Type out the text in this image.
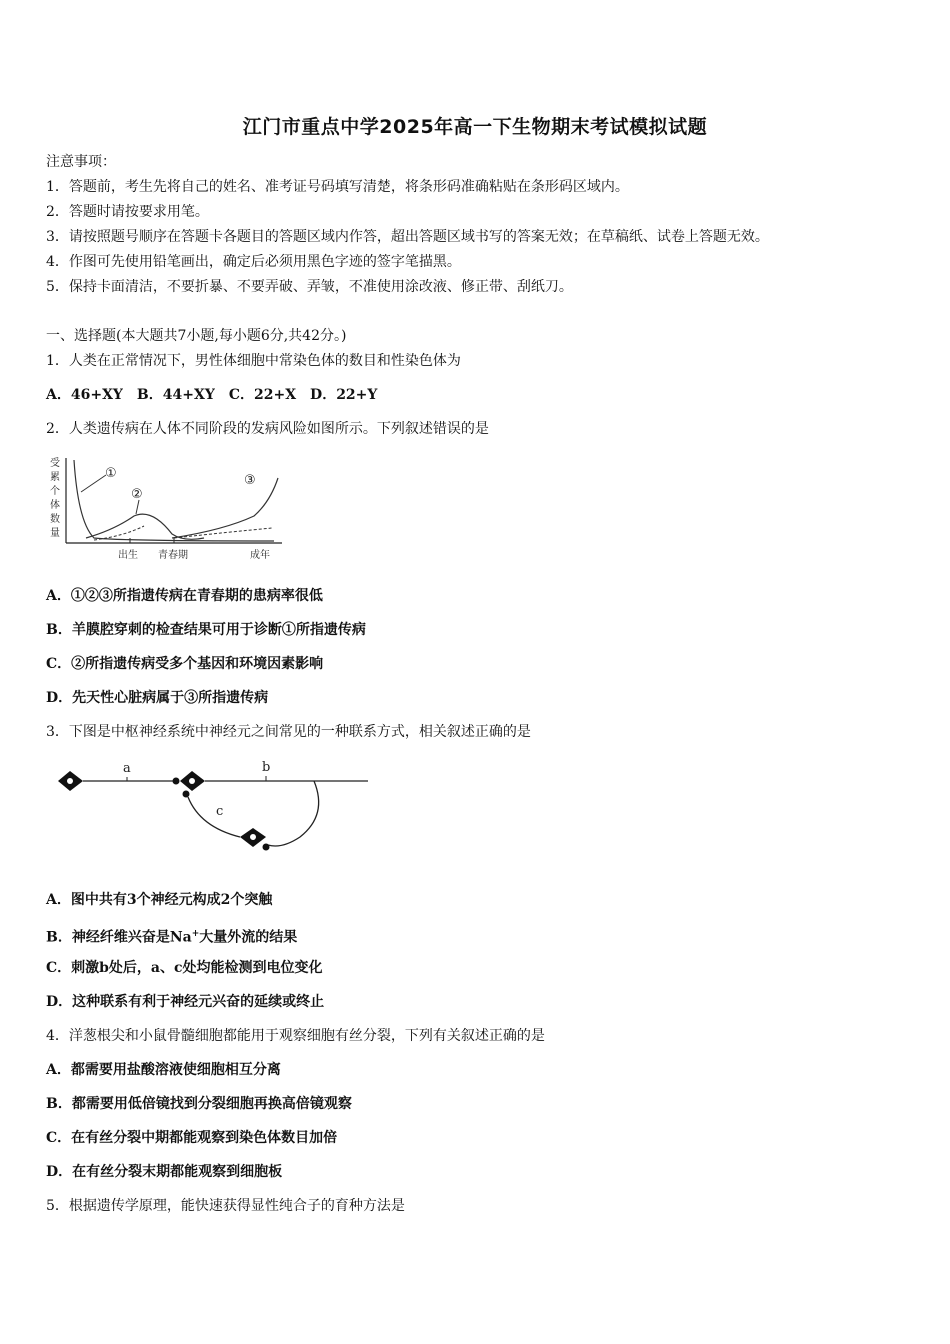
江门市重点中学2025年高一下生物期末考试模拟试题
注意事项：
1．答题前，考生先将自己的姓名、准考证号码填写清楚，将条形码准确粘贴在条形码区域内。
2．答题时请按要求用笔。
3．请按照题号顺序在答题卡各题目的答题区域内作答，超出答题区域书写的答案无效；在草稿纸、试卷上答题无效。
4．作图可先使用铅笔画出，确定后必须用黑色字迹的签字笔描黑。
5．保持卡面清洁，不要折暴、不要弄破、弄皱，不准使用涂改液、修正带、刮纸刀。
一、选择题(本大题共7小题,每小题6分,共42分。)
1．人类在正常情况下，男性体细胞中常染色体的数目和性染色体为
A．46+XY　B．44+XY　C．22+X　D．22+Y
2．人类遗传病在人体不同阶段的发病风险如图所示。下列叙述错误的是
受
累
个
体
数
量
①
②
③
出生 青春期	成年
A．①②③所指遗传病在青春期的患病率很低
B．羊膜腔穿刺的检查结果可用于诊断①所指遗传病
C．②所指遗传病受多个基因和环境因素影响
D．先天性心脏病属于③所指遗传病
3．下图是中枢神经系统中神经元之间常见的一种联系方式，相关叙述正确的是
a	b
c
A．图中共有3个神经元构成2个突触
B．神经纤维兴奋是Na+大量外流的结果
C．刺激b处后，a、c处均能检测到电位变化
D．这种联系有利于神经元兴奋的延续或终止
4．洋葱根尖和小鼠骨髓细胞都能用于观察细胞有丝分裂，下列有关叙述正确的是
A．都需要用盐酸溶液使细胞相互分离
B．都需要用低倍镜找到分裂细胞再换高倍镜观察
C．在有丝分裂中期都能观察到染色体数目加倍
D．在有丝分裂末期都能观察到细胞板
5．根据遗传学原理，能快速获得显性纯合子的育种方法是
